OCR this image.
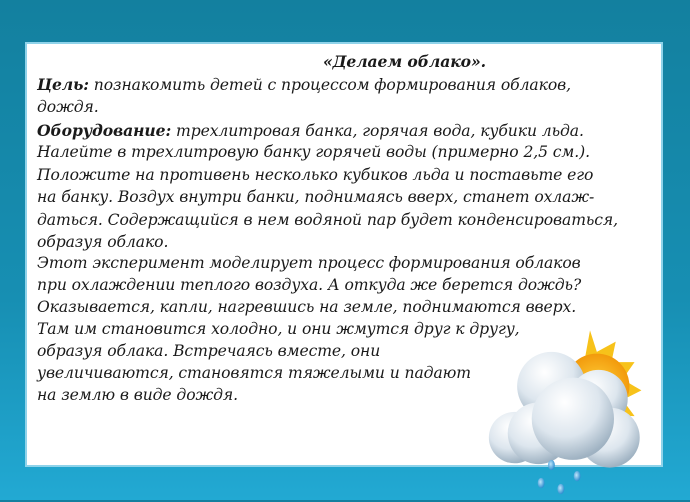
«Делаем облако».
Цель: познакомить детей с процессом формирования облаков,
дождя.
Оборудование: трехлитровая банка, горячая вода, кубики льда.
Налейте в трехлитровую банку горячей воды (примерно 2,5 см.).
Положите на противень несколько кубиков льда и поставьте его
на банку. Воздух внутри банки, поднимаясь вверх, станет охлаж-
даться. Содержащийся в нем водяной пар будет конденсироваться,
образуя облако.
Этот эксперимент моделирует процесс формирования облаков
при охлаждении теплого воздуха. А откуда же берется дождь?
Оказывается, капли, нагревшись на земле, поднимаются вверх.
Там им становится холодно, и они жмутся друг к другу,
образуя облака. Встречаясь вместе, они
увеличиваются, становятся тяжелыми и падают
на землю в виде дождя.
